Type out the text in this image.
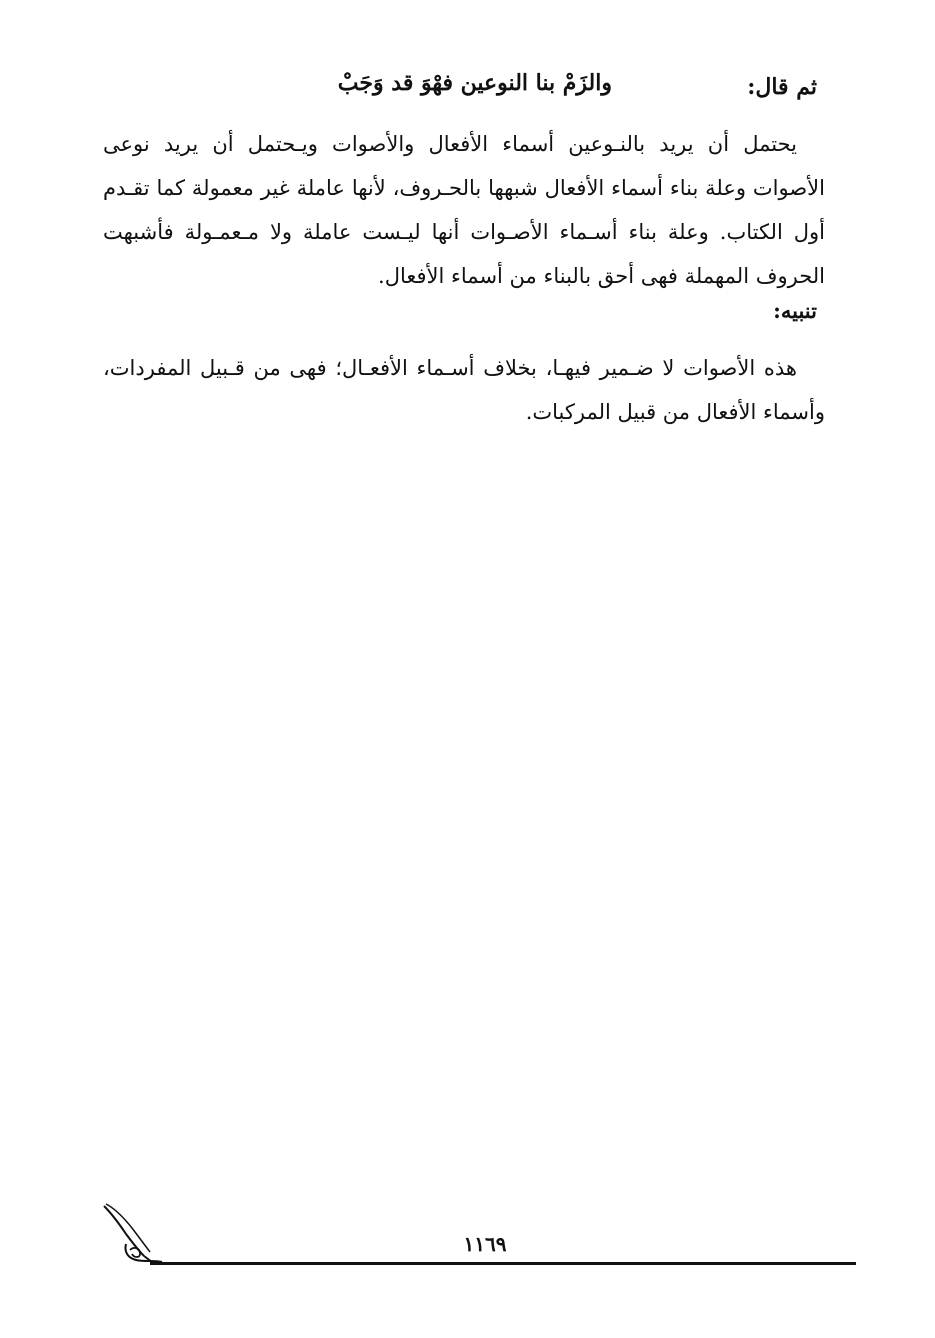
ثم قال:
والزَمْ بنا النوعين فهْوَ قد وَجَبْ

يحتمل أن يريد بالنـوعين أسماء الأفعال والأصوات ويـحتمل أن يريد نوعى الأصوات وعلة بناء أسماء الأفعال شبهها بالحـروف، لأنها عاملة غير معمولة كما تقـدم أول الكتاب. وعلة بناء أسـماء الأصـوات أنها ليـست عاملة ولا مـعمـولة فأشبهت الحروف المهملة فهى أحق بالبناء من أسماء الأفعال.

تنبيه:

هذه الأصوات لا ضـمير فيهـا، بخلاف أسـماء الأفعـال؛ فهى من قـبيل المفردات، وأسماء الأفعال من قبيل المركبات.

١١٦٩
